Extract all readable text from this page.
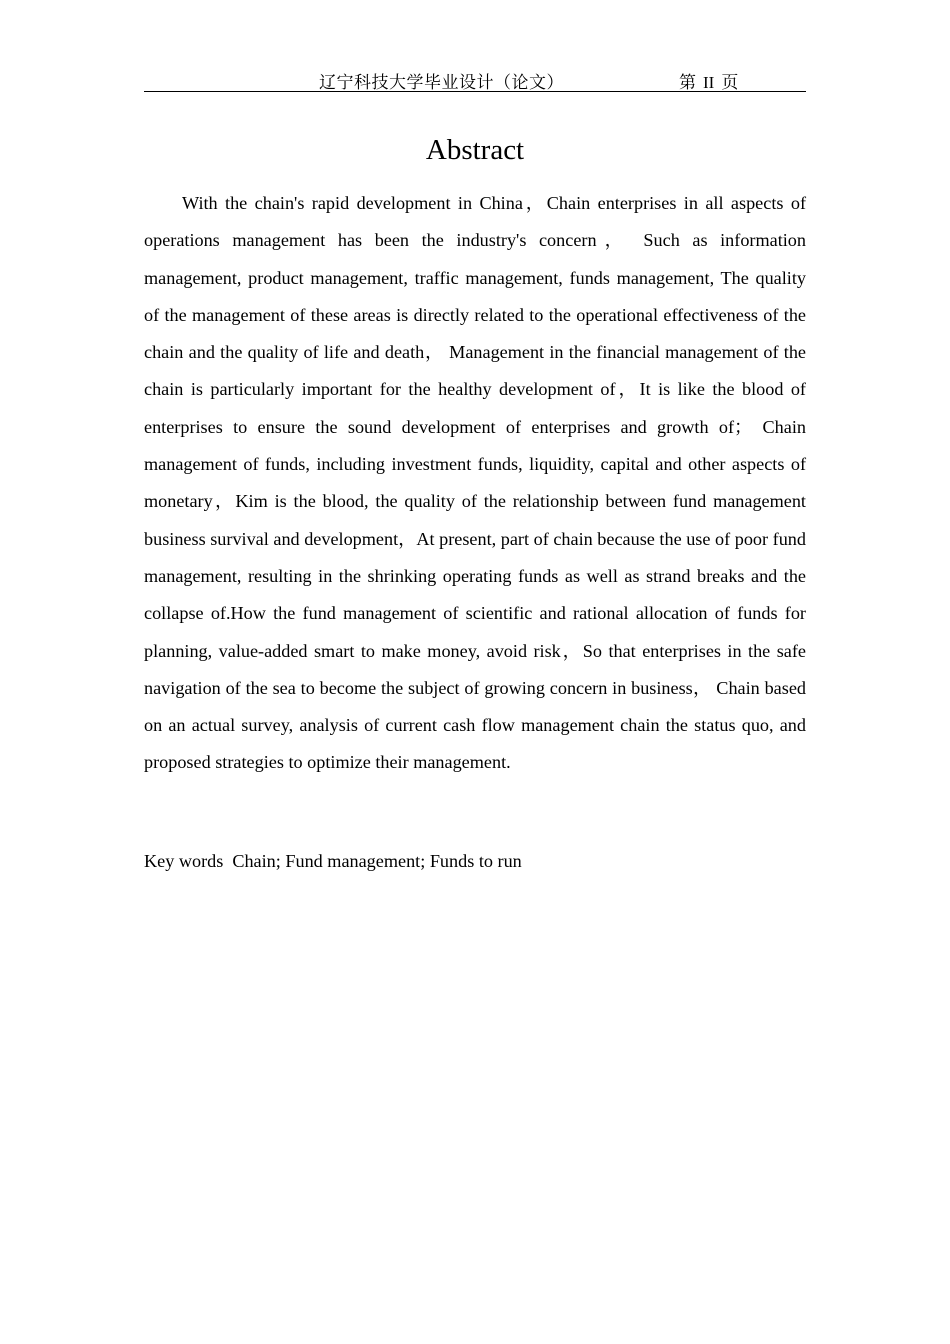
辽宁科技大学毕业设计（论文）	第 II 页
Abstract

With the chain's rapid development in China，Chain enterprises in all aspects of operations management has been the industry's concern， Such as information management, product management, traffic management, funds management, The quality of the management of these areas is directly related to the operational effectiveness of the chain and the quality of life and death， Management in the financial management of the chain is particularly important for the healthy development of，It is like the blood of enterprises to ensure the sound development of enterprises and growth of； Chain management of funds, including investment funds, liquidity, capital and other aspects of monetary，Kim is the blood, the quality of the relationship between fund management business survival and development，At present, part of chain because the use of poor fund management, resulting in the shrinking operating funds as well as strand breaks and the collapse of.How the fund management of scientific and rational allocation of funds for planning, value-added smart to make money, avoid risk，So that enterprises in the safe navigation of the sea to become the subject of growing concern in business， Chain based on an actual survey, analysis of current cash flow management chain the status quo, and proposed strategies to optimize their management.

Key words Chain; Fund management; Funds to run
